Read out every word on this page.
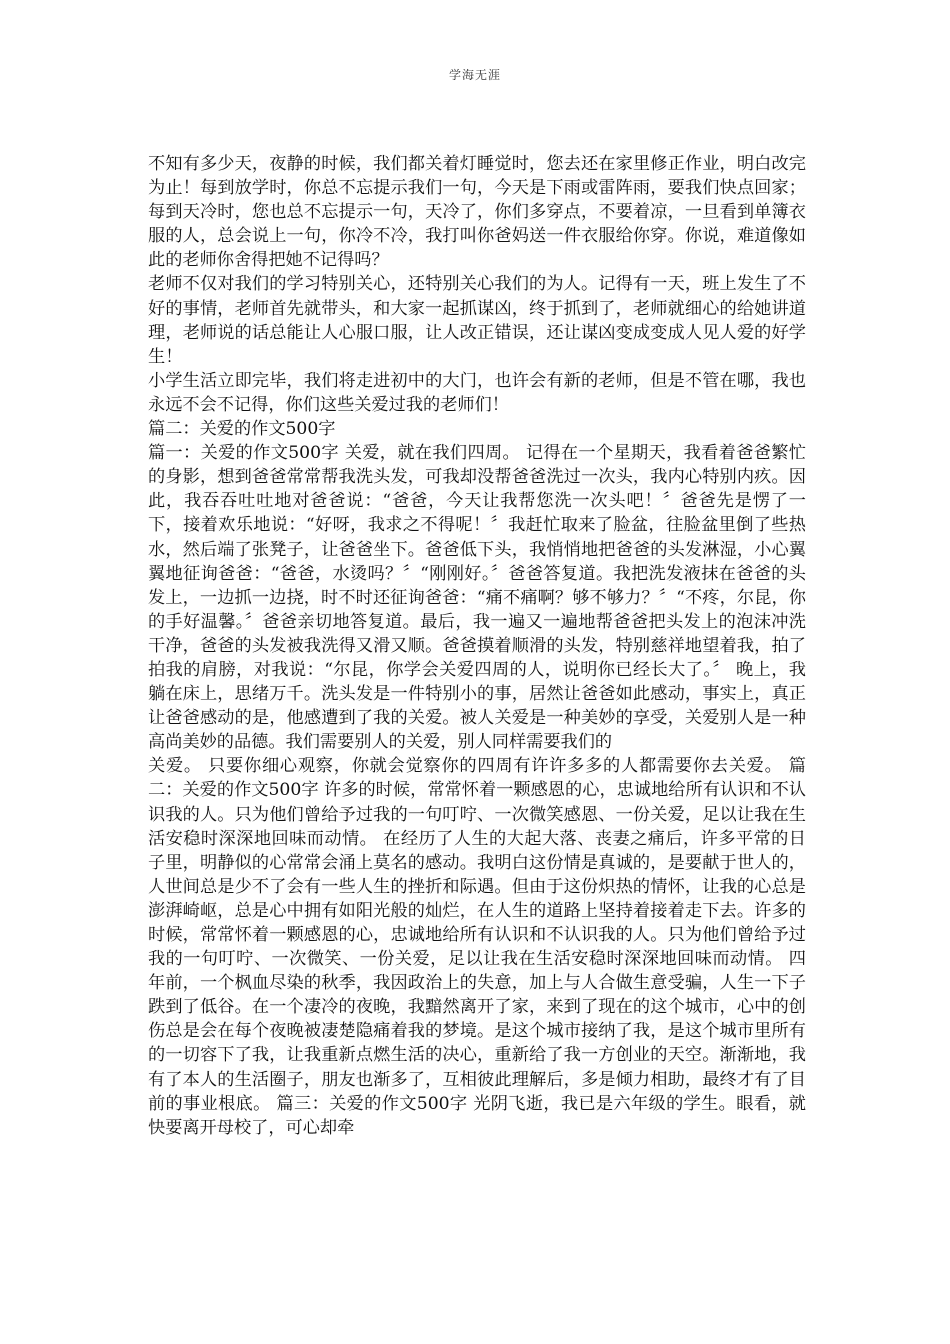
学海无涯

不知有多少天，夜静的时候，我们都关着灯睡觉时，您去还在家里修正作业，明白改完为止！每到放学时，你总不忘提示我们一句，今天是下雨或雷阵雨，要我们快点回家；每到天冷时，您也总不忘提示一句，天冷了，你们多穿点，不要着凉，一旦看到单簿衣服的人，总会说上一句，你冷不冷，我打叫你爸妈送一件衣服给你穿。你说，难道像如此的老师你舍得把她不记得吗？

老师不仅对我们的学习特别关心，还特别关心我们的为人。记得有一天，班上发生了不好的事情，老师首先就带头，和大家一起抓谋凶，终于抓到了，老师就细心的给她讲道理，老师说的话总能让人心服口服，让人改正错误，还让谋凶变成变成人见人爱的好学生！

小学生活立即完毕，我们将走进初中的大门，也许会有新的老师，但是不管在哪，我也永远不会不记得，你们这些关爱过我的老师们！

篇二：关爱的作文500字

篇一：关爱的作文500字 关爱，就在我们四周。 记得在一个星期天，我看着爸爸繁忙的身影，想到爸爸常常帮我洗头发，可我却没帮爸爸洗过一次头，我内心特别内疚。因此，我吞吞吐吐地对爸爸说：“爸爸，今天让我帮您洗一次头吧！〞爸爸先是愣了一下，接着欢乐地说：“好呀，我求之不得呢！〞我赶忙取来了脸盆，往脸盆里倒了些热水，然后端了张凳子，让爸爸坐下。爸爸低下头，我悄悄地把爸爸的头发淋湿，小心翼翼地征询爸爸：“爸爸，水烫吗？〞“刚刚好。〞爸爸答复道。我把洗发液抹在爸爸的头发上，一边抓一边挠，时不时还征询爸爸：“痛不痛啊？够不够力？〞“不疼，尔昆，你的手好温馨。〞爸爸亲切地答复道。最后，我一遍又一遍地帮爸爸把头发上的泡沫冲洗干净，爸爸的头发被我洗得又滑又顺。爸爸摸着顺滑的头发，特别慈祥地望着我，拍了拍我的肩膀，对我说：“尔昆，你学会关爱四周的人，说明你已经长大了。〞 晚上，我躺在床上，思绪万千。洗头发是一件特别小的事，居然让爸爸如此感动，事实上，真正让爸爸感动的是，他感遭到了我的关爱。被人关爱是一种美妙的享受，关爱别人是一种高尚美妙的品德。我们需要别人的关爱，别人同样需要我们的

关爱。 只要你细心观察，你就会觉察你的四周有许许多多的人都需要你去关爱。 篇二：关爱的作文500字 许多的时候，常常怀着一颗感恩的心，忠诚地给所有认识和不认识我的人。只为他们曾给予过我的一句叮咛、一次微笑感恩、一份关爱，足以让我在生活安稳时深深地回味而动情。 在经历了人生的大起大落、丧妻之痛后，许多平常的日子里，明静似的心常常会涌上莫名的感动。我明白这份情是真诚的，是要献于世人的，人世间总是少不了会有一些人生的挫折和际遇。但由于这份炽热的情怀，让我的心总是澎湃崎岖，总是心中拥有如阳光般的灿烂，在人生的道路上坚持着接着走下去。许多的时候，常常怀着一颗感恩的心，忠诚地给所有认识和不认识我的人。只为他们曾给予过我的一句叮咛、一次微笑、一份关爱，足以让我在生活安稳时深深地回味而动情。 四年前，一个枫血尽染的秋季，我因政治上的失意，加上与人合做生意受骗，人生一下子跌到了低谷。在一个凄冷的夜晚，我黯然离开了家，来到了现在的这个城市，心中的创伤总是会在每个夜晚被凄楚隐痛着我的梦境。是这个城市接纳了我，是这个城市里所有的一切容下了我，让我重新点燃生活的决心，重新给了我一方创业的天空。渐渐地，我有了本人的生活圈子，朋友也渐多了，互相彼此理解后，多是倾力相助，最终才有了目前的事业根底。 篇三：关爱的作文500字 光阴飞逝，我已是六年级的学生。眼看，就快要离开母校了，可心却牵
